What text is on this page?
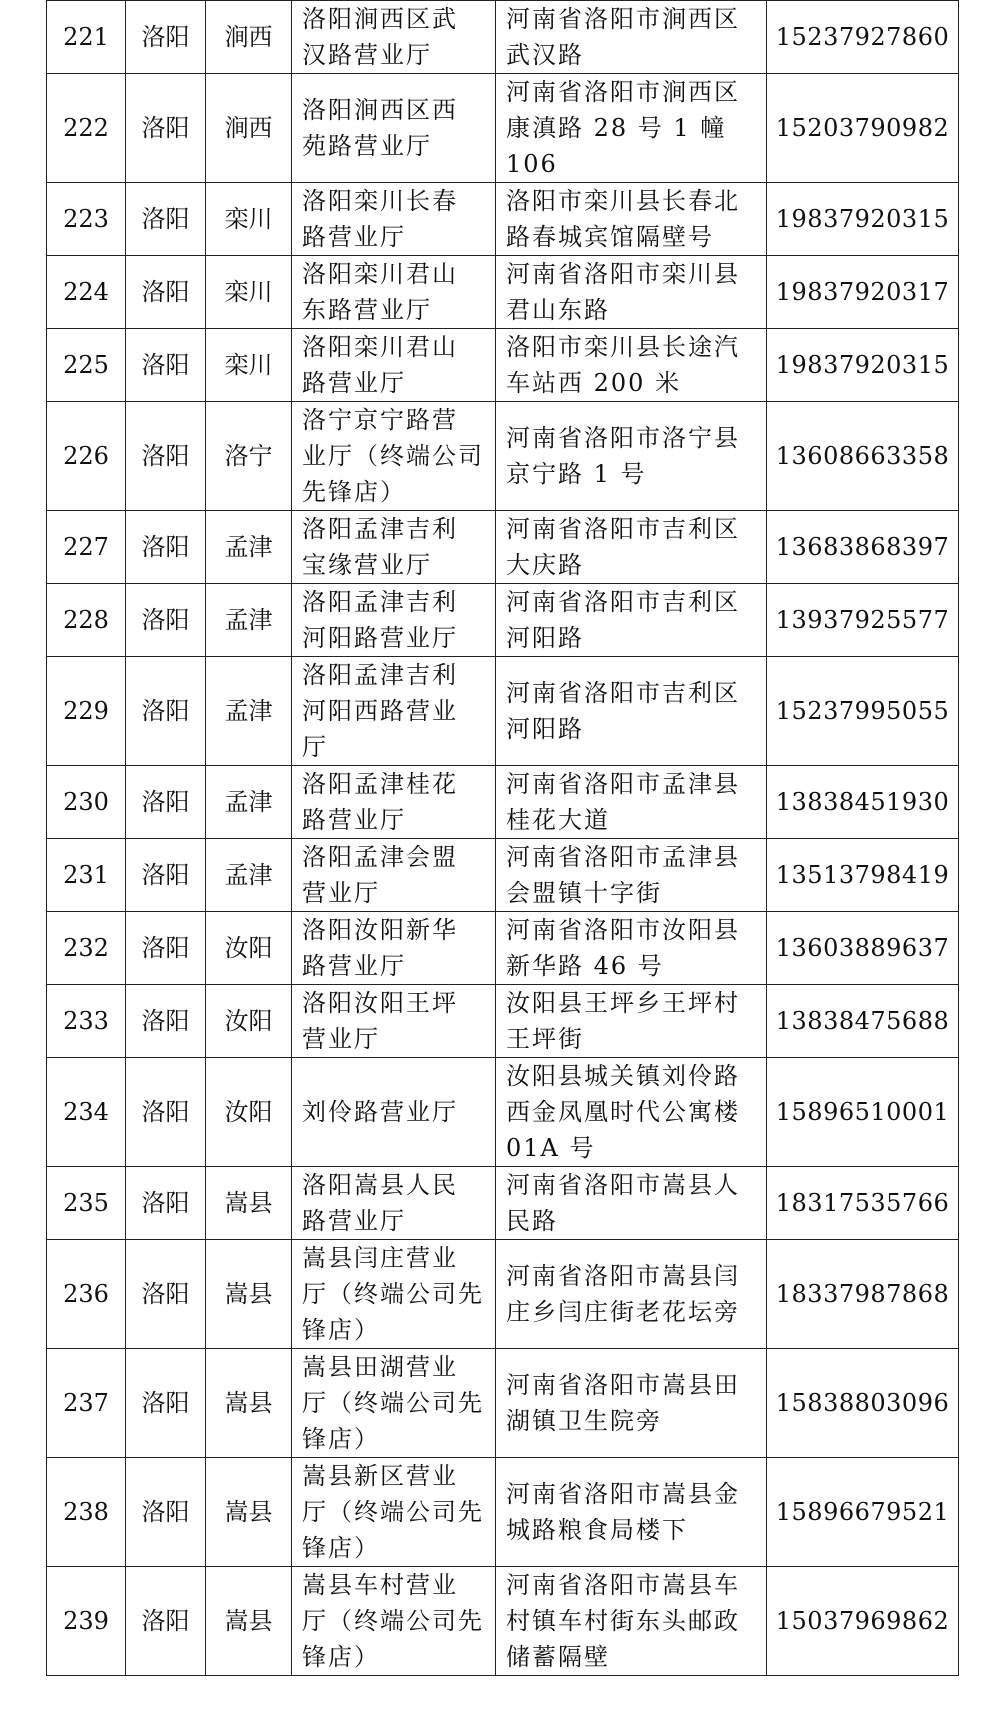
221	洛阳	涧西	洛阳涧西区武
汉路营业厅	河南省洛阳市涧西区
武汉路	15237927860
222	洛阳	涧西	洛阳涧西区西
苑路营业厅	河南省洛阳市涧西区
康滇路 28 号 1 幢 106	15203790982
223	洛阳	栾川	洛阳栾川长春
路营业厅	洛阳市栾川县长春北
路春城宾馆隔壁号	19837920315
224	洛阳	栾川	洛阳栾川君山
东路营业厅	河南省洛阳市栾川县
君山东路	19837920317
225	洛阳	栾川	洛阳栾川君山
路营业厅	洛阳市栾川县长途汽
车站西 200 米	19837920315
226	洛阳	洛宁	洛宁京宁路营
业厅（终端公司
先锋店）	河南省洛阳市洛宁县
京宁路 1 号	13608663358
227	洛阳	孟津	洛阳孟津吉利
宝缘营业厅	河南省洛阳市吉利区
大庆路	13683868397
228	洛阳	孟津	洛阳孟津吉利
河阳路营业厅	河南省洛阳市吉利区
河阳路	13937925577
229	洛阳	孟津	洛阳孟津吉利
河阳西路营业
厅	河南省洛阳市吉利区
河阳路	15237995055
230	洛阳	孟津	洛阳孟津桂花
路营业厅	河南省洛阳市孟津县
桂花大道	13838451930
231	洛阳	孟津	洛阳孟津会盟
营业厅	河南省洛阳市孟津县
会盟镇十字街	13513798419
232	洛阳	汝阳	洛阳汝阳新华
路营业厅	河南省洛阳市汝阳县
新华路 46 号	13603889637
233	洛阳	汝阳	洛阳汝阳王坪
营业厅	汝阳县王坪乡王坪村
王坪街	13838475688
234	洛阳	汝阳	刘伶路营业厅	汝阳县城关镇刘伶路
西金凤凰时代公寓楼
01A 号	15896510001
235	洛阳	嵩县	洛阳嵩县人民
路营业厅	河南省洛阳市嵩县人
民路	18317535766
236	洛阳	嵩县	嵩县闫庄营业
厅（终端公司先
锋店）	河南省洛阳市嵩县闫
庄乡闫庄街老花坛旁	18337987868
237	洛阳	嵩县	嵩县田湖营业
厅（终端公司先
锋店）	河南省洛阳市嵩县田
湖镇卫生院旁	15838803096
238	洛阳	嵩县	嵩县新区营业
厅（终端公司先
锋店）	河南省洛阳市嵩县金
城路粮食局楼下	15896679521
239	洛阳	嵩县	嵩县车村营业
厅（终端公司先
锋店）	河南省洛阳市嵩县车
村镇车村街东头邮政
储蓄隔壁	15037969862
